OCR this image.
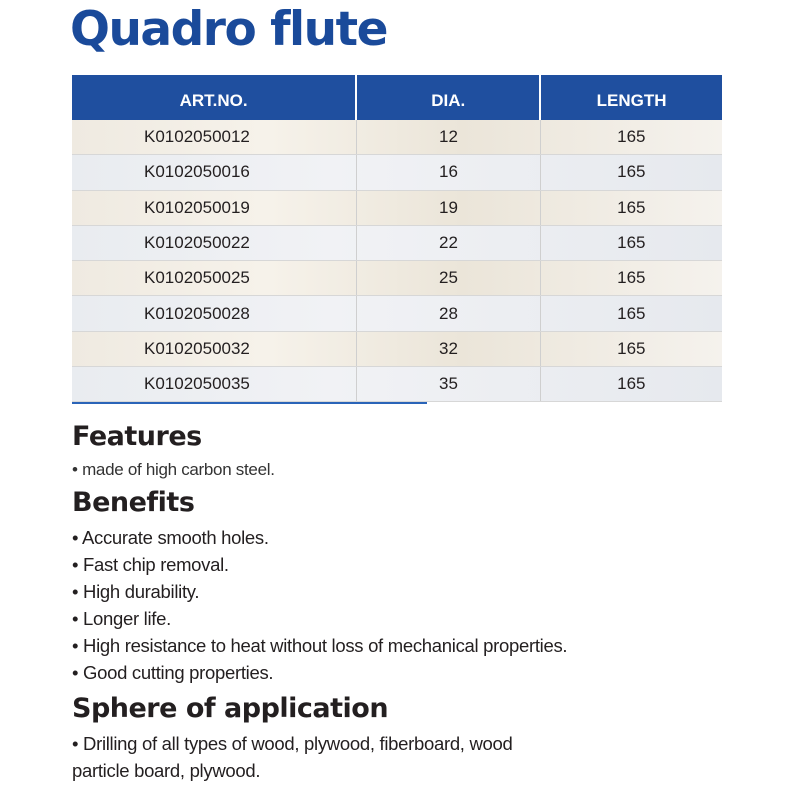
Quadro flute
ART.NO.	DIA.	LENGTH
K0102050012	12	165
K0102050016	16	165
K0102050019	19	165
K0102050022	22	165
K0102050025	25	165
K0102050028	28	165
K0102050032	32	165
K0102050035	35	165
Features
• made of high carbon steel.
Benefits
• Accurate smooth holes.
• Fast chip removal.
• High durability.
• Longer life.
• High resistance to heat without loss of mechanical properties.
• Good cutting properties.
Sphere of application
• Drilling of all types of wood, plywood, fiberboard, wood
particle board, plywood.
